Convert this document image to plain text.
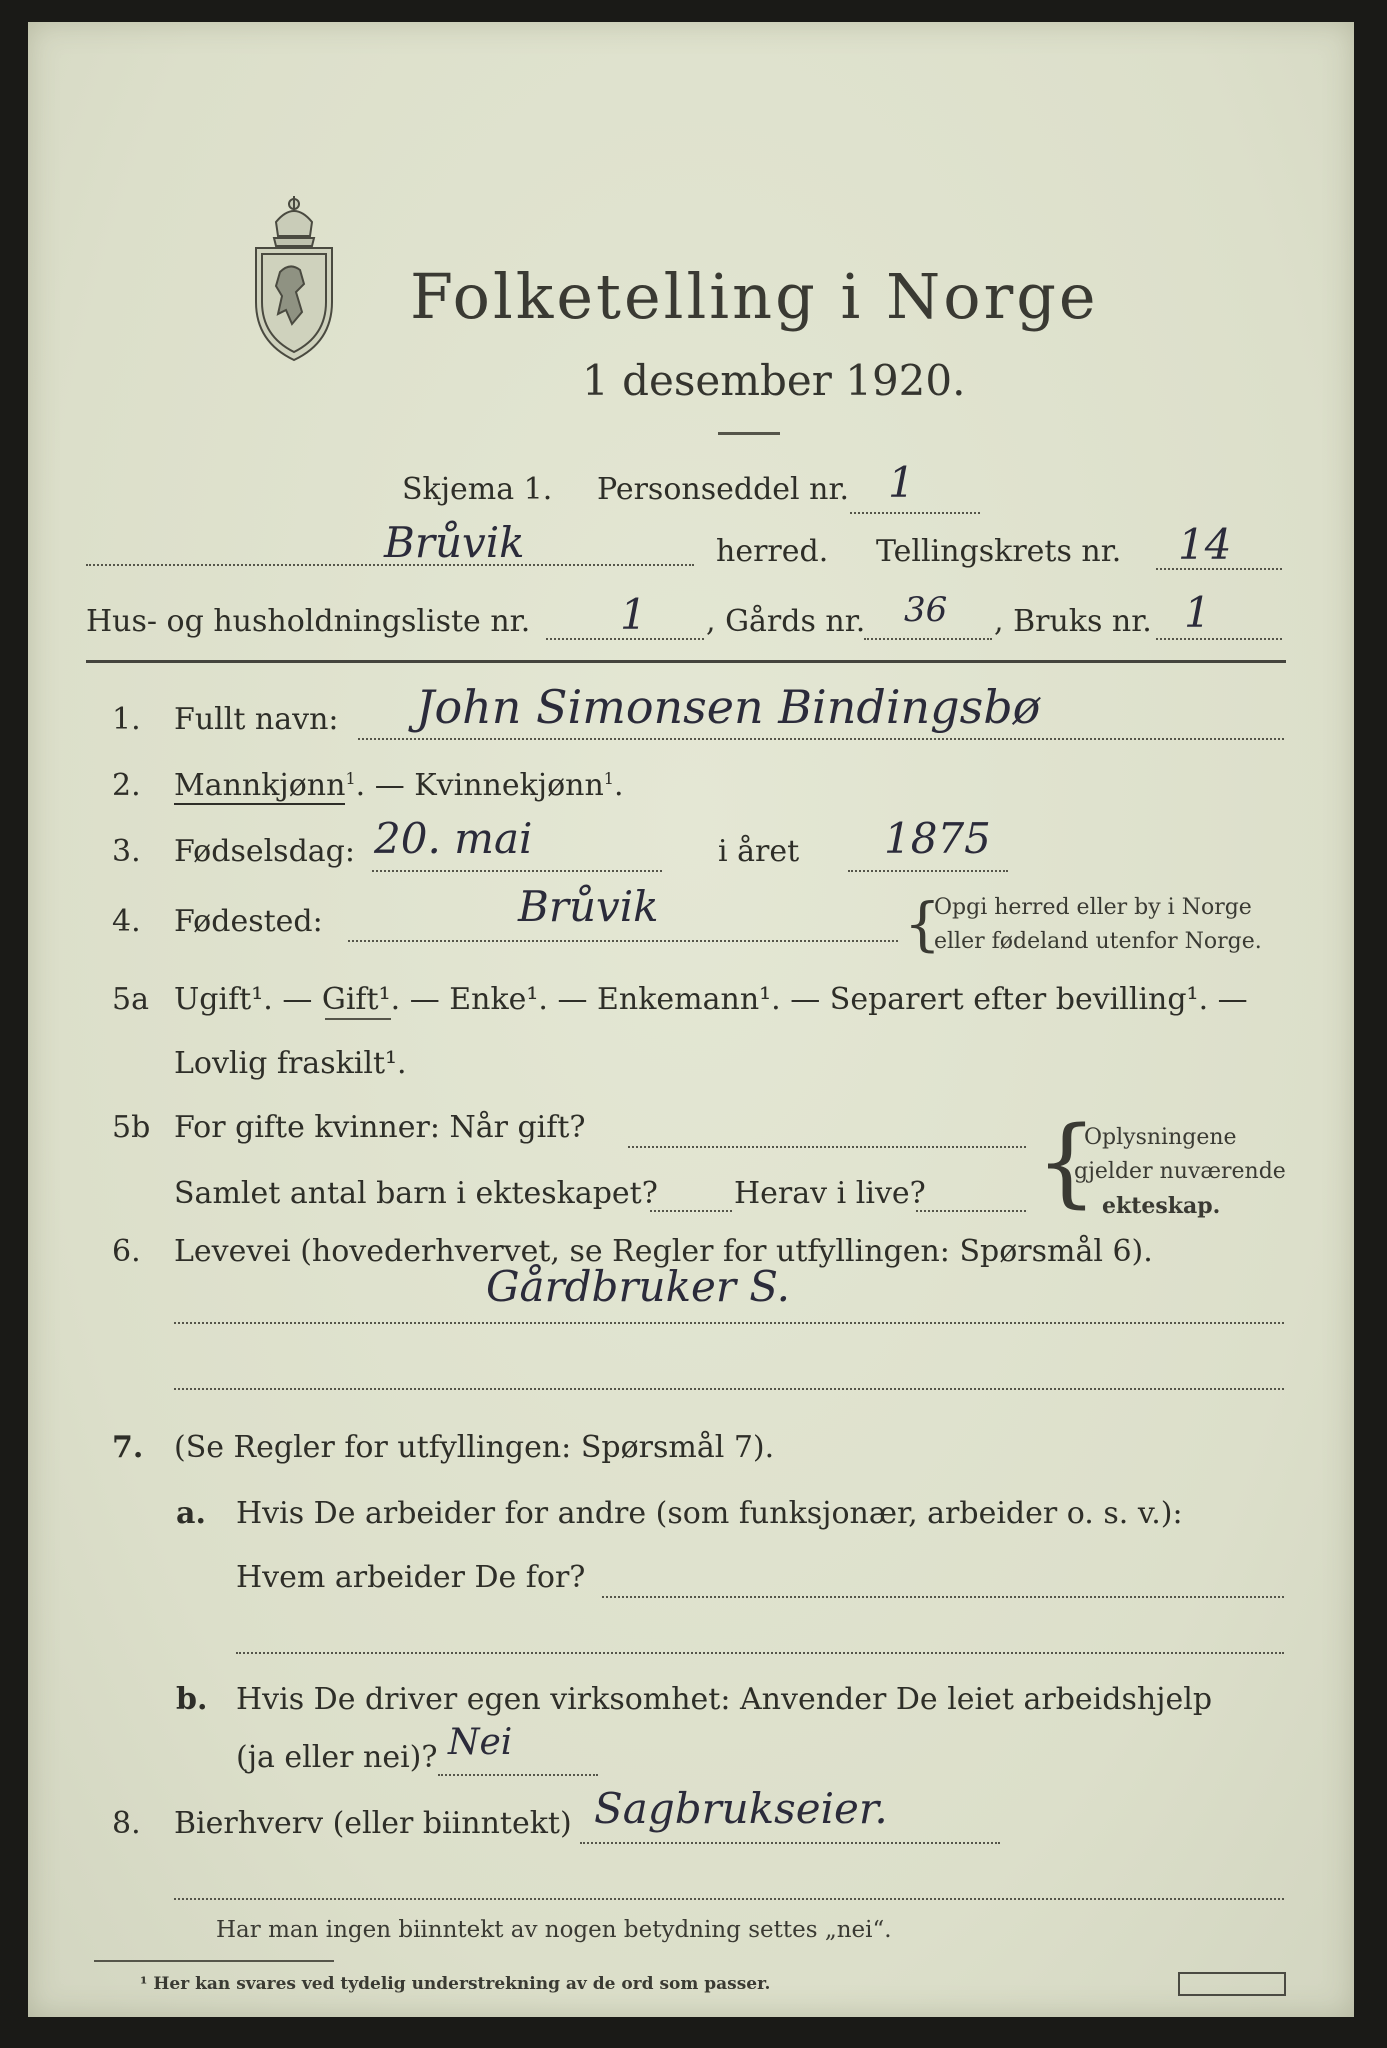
Folketelling i Norge
1 desember 1920.
Skjema 1. Personseddel nr. 1
Brůvik	herred. Tellingskrets nr. 14
Hus- og husholdningsliste nr. 1 , Gårds nr. 36 , Bruks nr. 1
1. Fullt navn: John Simonsen Bindingsbø
2. Mannkjønn$^1$. — Kvinnekjønn$^1$.
3. Fødselsdag: 20. mai	i året 1875
4. Fødested:	Brůvik	{
Opgi herred eller by i Norge
eller fødeland utenfor Norge.
5a Ugift¹. — Gift¹. — Enke¹. — Enkemann¹. — Separert efter bevilling¹. —
Lovlig fraskilt¹.
5b For gifte kvinner: Når gift?
Samlet antal barn i ekteskapet?	Herav i live? {
Oplysningene
gjelder nuværende
ekteskap.
6. Levevei (hovederhvervet, se Regler for utfyllingen: Spørsmål 6).
Gårdbruker S.
7. (Se Regler for utfyllingen: Spørsmål 7).
a. Hvis De arbeider for andre (som funksjonær, arbeider o. s. v.):
Hvem arbeider De for?
b. Hvis De driver egen virksomhet: Anvender De leiet arbeidshjelp
(ja eller nei)? Nei
8. Bierhverv (eller biinntekt) Sagbrukseier.
Har man ingen biinntekt av nogen betydning settes „nei“.
¹ Her kan svares ved tydelig understrekning av de ord som passer.
